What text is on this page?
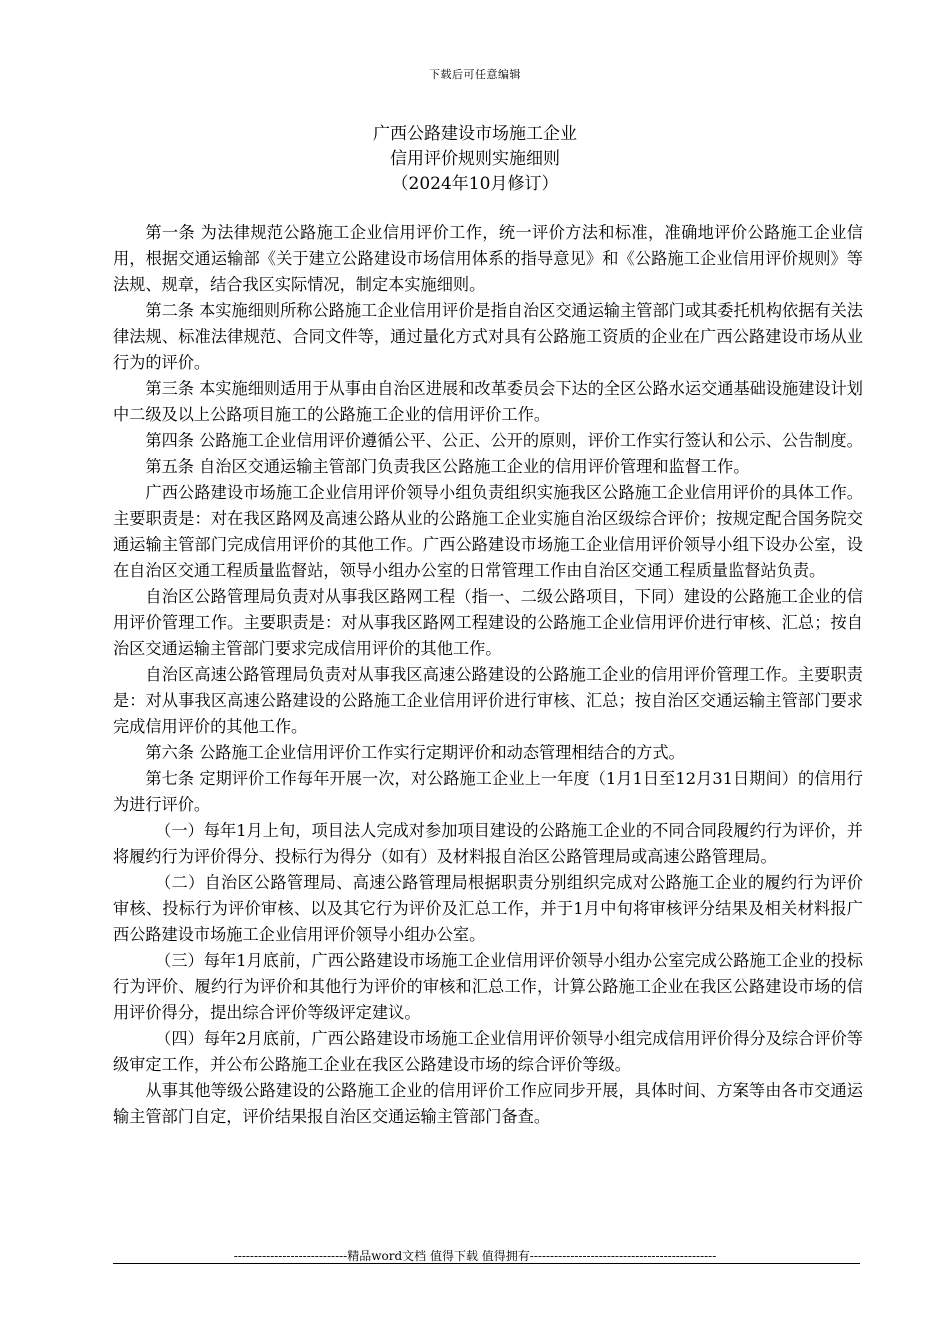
下载后可任意编辑
广西公路建设市场施工企业
信用评价规则实施细则
（2024年10月修订）

第一条 为法律规范公路施工企业信用评价工作，统一评价方法和标准，准确地评价公路施工企业信用，根据交通运输部《关于建立公路建设市场信用体系的指导意见》和《公路施工企业信用评价规则》等法规、规章，结合我区实际情况，制定本实施细则。

第二条 本实施细则所称公路施工企业信用评价是指自治区交通运输主管部门或其委托机构依据有关法律法规、标准法律规范、合同文件等，通过量化方式对具有公路施工资质的企业在广西公路建设市场从业行为的评价。

第三条 本实施细则适用于从事由自治区进展和改革委员会下达的全区公路水运交通基础设施建设计划中二级及以上公路项目施工的公路施工企业的信用评价工作。

第四条 公路施工企业信用评价遵循公平、公正、公开的原则，评价工作实行签认和公示、公告制度。

第五条 自治区交通运输主管部门负责我区公路施工企业的信用评价管理和监督工作。

广西公路建设市场施工企业信用评价领导小组负责组织实施我区公路施工企业信用评价的具体工作。主要职责是：对在我区路网及高速公路从业的公路施工企业实施自治区级综合评价；按规定配合国务院交通运输主管部门完成信用评价的其他工作。广西公路建设市场施工企业信用评价领导小组下设办公室，设在自治区交通工程质量监督站，领导小组办公室的日常管理工作由自治区交通工程质量监督站负责。

自治区公路管理局负责对从事我区路网工程（指一、二级公路项目，下同）建设的公路施工企业的信用评价管理工作。主要职责是：对从事我区路网工程建设的公路施工企业信用评价进行审核、汇总；按自治区交通运输主管部门要求完成信用评价的其他工作。

自治区高速公路管理局负责对从事我区高速公路建设的公路施工企业的信用评价管理工作。主要职责是：对从事我区高速公路建设的公路施工企业信用评价进行审核、汇总；按自治区交通运输主管部门要求完成信用评价的其他工作。

第六条 公路施工企业信用评价工作实行定期评价和动态管理相结合的方式。

第七条 定期评价工作每年开展一次，对公路施工企业上一年度（1月1日至12月31日期间）的信用行为进行评价。

（一）每年1月上旬，项目法人完成对参加项目建设的公路施工企业的不同合同段履约行为评价，并将履约行为评价得分、投标行为得分（如有）及材料报自治区公路管理局或高速公路管理局。

（二）自治区公路管理局、高速公路管理局根据职责分别组织完成对公路施工企业的履约行为评价审核、投标行为评价审核、以及其它行为评价及汇总工作，并于1月中旬将审核评分结果及相关材料报广西公路建设市场施工企业信用评价领导小组办公室。

（三）每年1月底前，广西公路建设市场施工企业信用评价领导小组办公室完成公路施工企业的投标行为评价、履约行为评价和其他行为评价的审核和汇总工作，计算公路施工企业在我区公路建设市场的信用评价得分，提出综合评价等级评定建议。

（四）每年2月底前，广西公路建设市场施工企业信用评价领导小组完成信用评价得分及综合评价等级审定工作，并公布公路施工企业在我区公路建设市场的综合评价等级。

从事其他等级公路建设的公路施工企业的信用评价工作应同步开展，具体时间、方案等由各市交通运输主管部门自定，评价结果报自治区交通运输主管部门备查。

----------------------------精品word文档 值得下载 值得拥有----------------------------------------------
